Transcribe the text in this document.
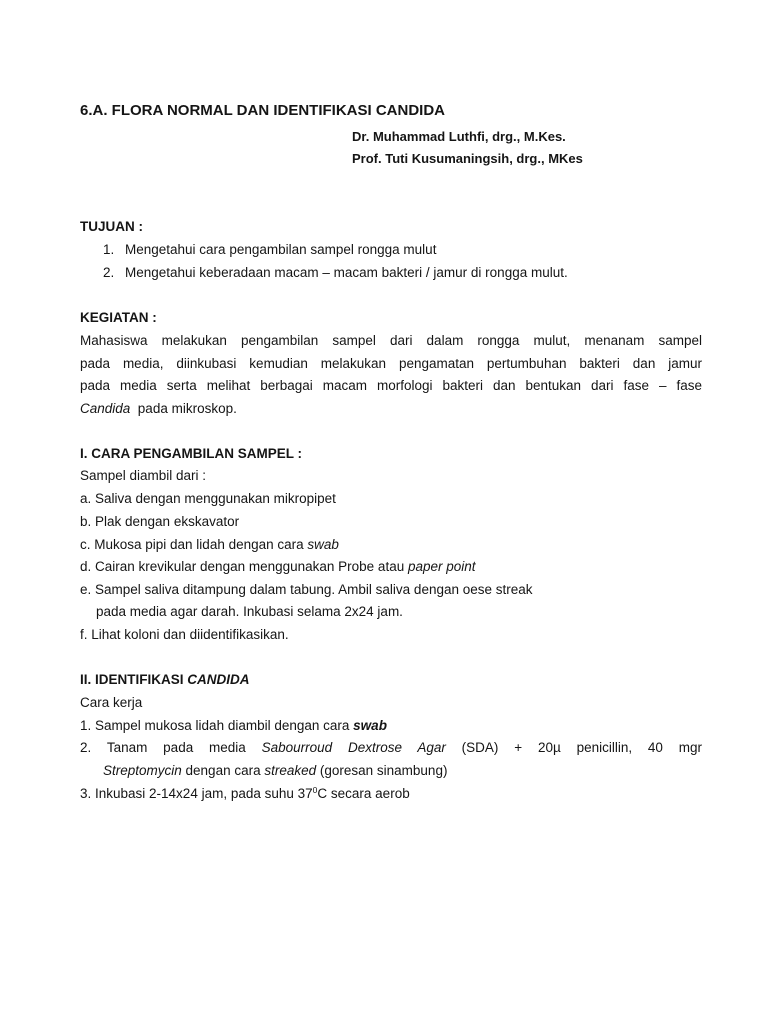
6.A. FLORA NORMAL DAN IDENTIFIKASI CANDIDA
Dr. Muhammad Luthfi, drg., M.Kes.
Prof. Tuti Kusumaningsih, drg., MKes
TUJUAN :
1. Mengetahui cara pengambilan sampel rongga mulut
2. Mengetahui keberadaan macam – macam bakteri / jamur di rongga mulut.
KEGIATAN :
Mahasiswa melakukan pengambilan sampel dari dalam rongga mulut, menanam sampel
pada media, diinkubasi kemudian melakukan pengamatan pertumbuhan bakteri dan jamur
pada media serta melihat berbagai macam morfologi bakteri dan bentukan dari fase – fase
Candida  pada mikroskop.
I. CARA PENGAMBILAN SAMPEL :
Sampel diambil dari :
a. Saliva dengan menggunakan mikropipet
b. Plak dengan ekskavator
c. Mukosa pipi dan lidah dengan cara swab
d. Cairan krevikular dengan menggunakan Probe atau paper point
e. Sampel saliva ditampung dalam tabung. Ambil saliva dengan oese streak
pada media agar darah. Inkubasi selama 2x24 jam.
f. Lihat koloni dan diidentifikasikan.
II. IDENTIFIKASI CANDIDA
Cara kerja
1. Sampel mukosa lidah diambil dengan cara swab
2. Tanam pada media Sabourroud Dextrose Agar (SDA) + 20µ penicillin, 40 mgr
Streptomycin dengan cara streaked (goresan sinambung)
3. Inkubasi 2-14x24 jam, pada suhu $37^0C$ secara aerob
